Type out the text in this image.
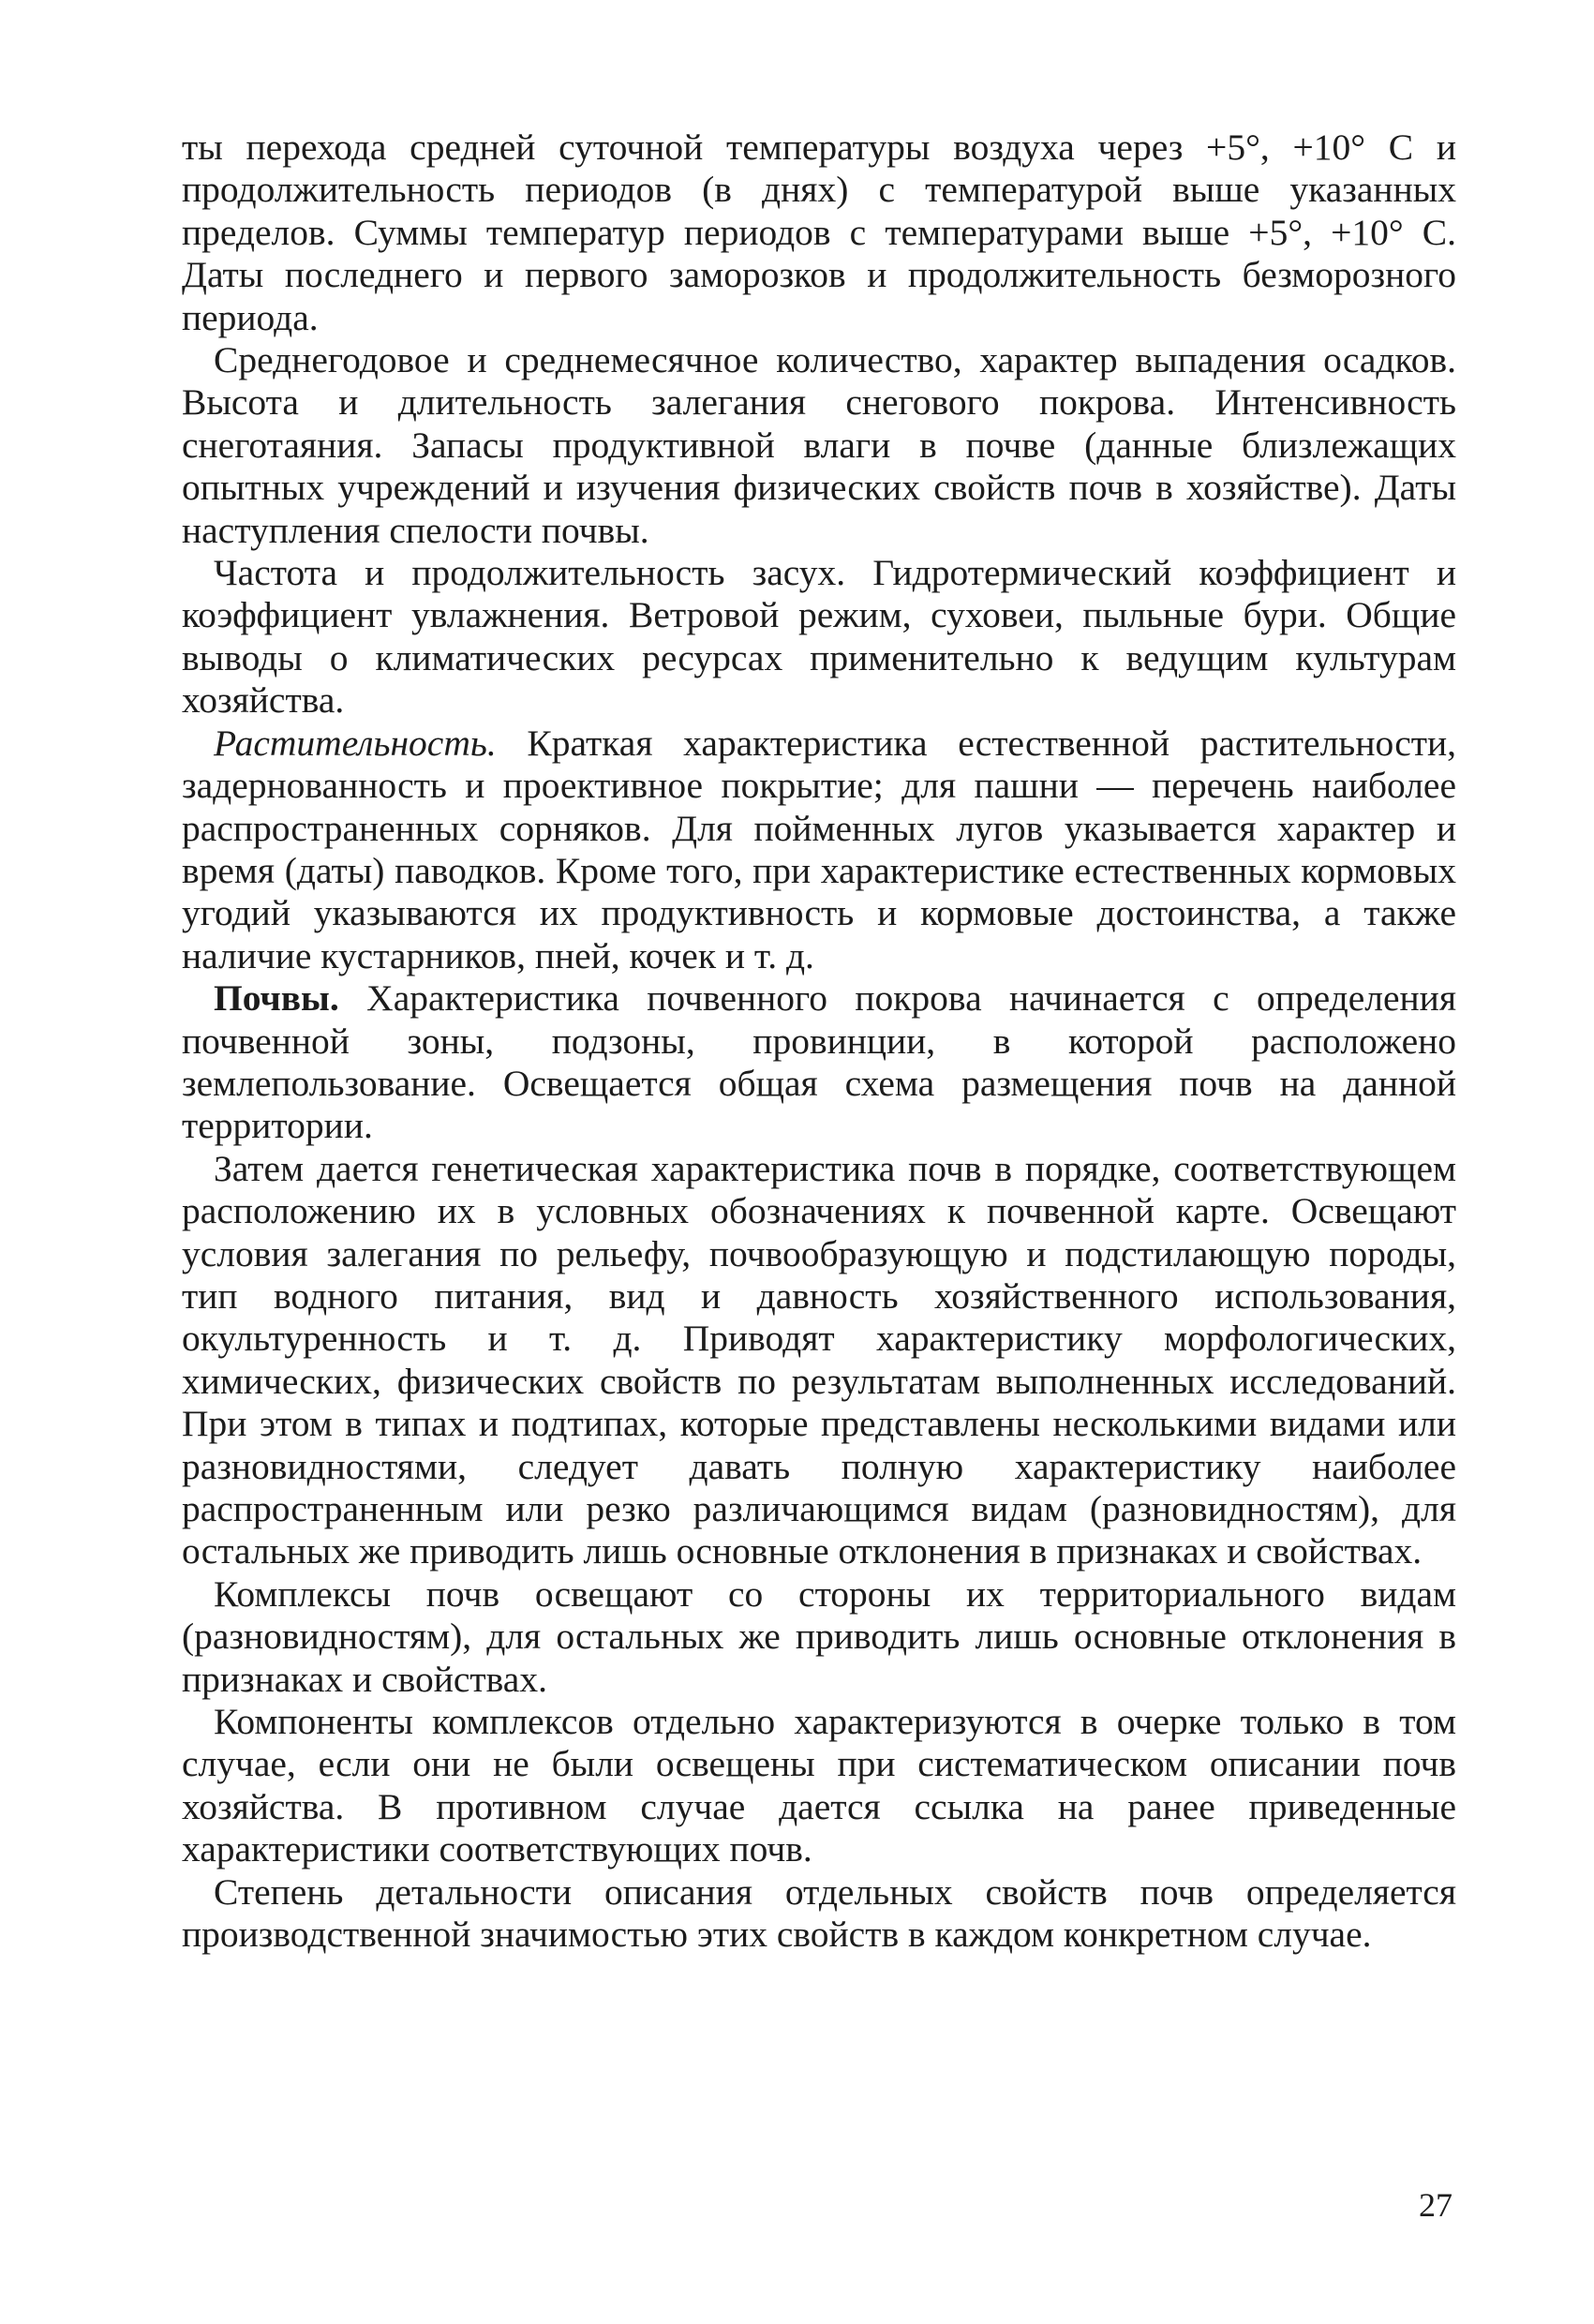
ты перехода средней суточной температуры воздуха через +5°, +10° С и продолжительность периодов (в днях) с температурой выше указанных пределов. Суммы температур периодов с температурами выше +5°, +10° С. Даты последнего и первого заморозков и продолжительность безморозного периода.

Среднегодовое и среднемесячное количество, характер выпадения осадков. Высота и длительность залегания снегового покрова. Интенсивность снеготаяния. Запасы продуктивной влаги в почве (данные близлежащих опытных учреждений и изучения физических свойств почв в хозяйстве). Даты наступления спелости почвы.

Частота и продолжительность засух. Гидротермический коэффициент и коэффициент увлажнения. Ветровой режим, суховеи, пыльные бури. Общие выводы о климатических ресурсах применительно к ведущим культурам хозяйства.

Растительность. Краткая характеристика естественной растительности, задернованность и проективное покрытие; для пашни — перечень наиболее распространенных сорняков. Для пойменных лугов указывается характер и время (даты) паводков. Кроме того, при характеристике естественных кормовых угодий указываются их продуктивность и кормовые достоинства, а также наличие кустарников, пней, кочек и т. д.

Почвы. Характеристика почвенного покрова начинается с определения почвенной зоны, подзоны, провинции, в которой расположено землепользование. Освещается общая схема размещения почв на данной территории.

Затем дается генетическая характеристика почв в порядке, соответствующем расположению их в условных обозначениях к почвенной карте. Освещают условия залегания по рельефу, почвообразующую и подстилающую породы, тип водного питания, вид и давность хозяйственного использования, окультуренность и т. д. Приводят характеристику морфологических, химических, физических свойств по результатам выполненных исследований. При этом в типах и подтипах, которые представлены несколькими видами или разновидностями, следует давать полную характеристику наиболее распространенным или резко различающимся видам (разновидностям), для остальных же приводить лишь основные отклонения в признаках и свойствах.

Комплексы почв освещают со стороны их территориального видам (разновидностям), для остальных же приводить лишь основные отклонения в признаках и свойствах.

Компоненты комплексов отдельно характеризуются в очерке только в том случае, если они не были освещены при систематическом описании почв хозяйства. В противном случае дается ссылка на ранее приведенные характеристики соответствующих почв.

Степень детальности описания отдельных свойств почв определяется производственной значимостью этих свойств в каждом конкретном случае.

27
